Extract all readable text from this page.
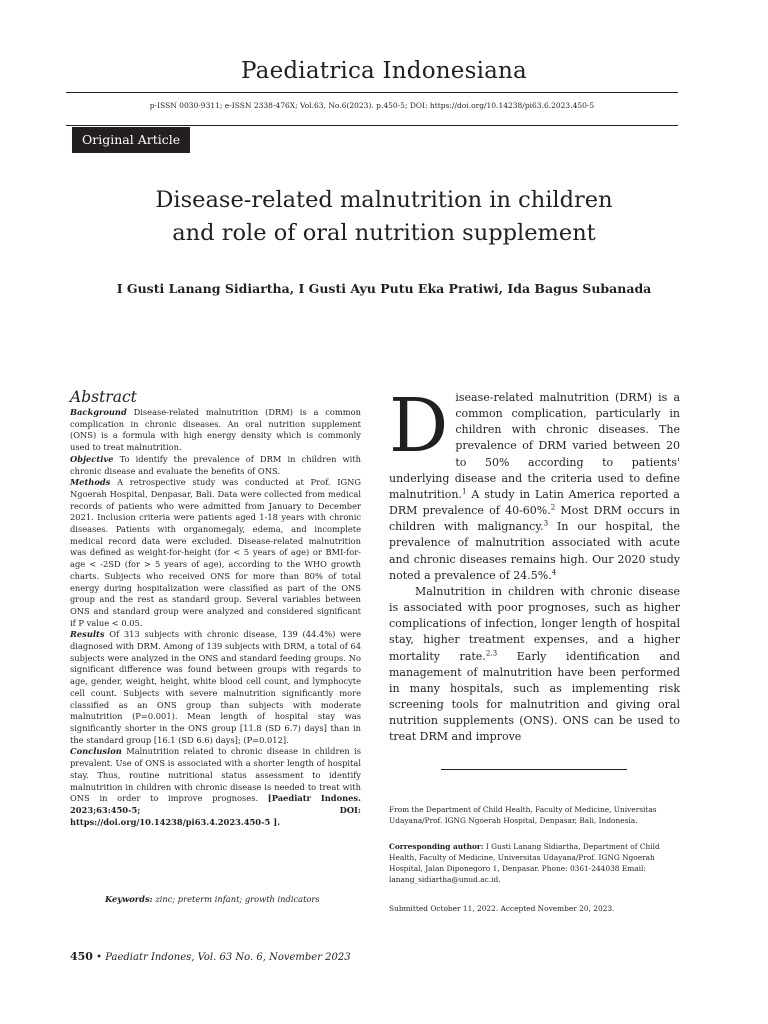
Paediatrica Indonesiana
p-ISSN 0030-9311; e-ISSN 2338-476X; Vol.63, No.6(2023). p.450-5; DOI: https://doi.org/10.14238/pi63.6.2023.450-5
Original Article
Disease-related malnutrition in children
and role of oral nutrition supplement
I Gusti Lanang Sidiartha, I Gusti Ayu Putu Eka Pratiwi, Ida Bagus Subanada
Abstract

Background Disease-related malnutrition (DRM) is a common complication in chronic diseases. An oral nutrition supplement (ONS) is a formula with high energy density which is commonly used to treat malnutrition.

Objective To identify the prevalence of DRM in children with chronic disease and evaluate the benefits of ONS.

Methods A retrospective study was conducted at Prof. IGNG Ngoerah Hospital, Denpasar, Bali. Data were collected from medical records of patients who were admitted from January to December 2021. Inclusion criteria were patients aged 1-18 years with chronic diseases. Patients with organomegaly, edema, and incomplete medical record data were excluded. Disease-related malnutrition was defined as weight-for-height (for < 5 years of age) or BMI-for-age < -2SD (for > 5 years of age), according to the WHO growth charts. Subjects who received ONS for more than 80% of total energy during hospitalization were classified as part of the ONS group and the rest as standard group. Several variables between ONS and standard group were analyzed and considered significant if P value < 0.05.

Results Of 313 subjects with chronic disease, 139 (44.4%) were diagnosed with DRM. Among of 139 subjects with DRM, a total of 64 subjects were analyzed in the ONS and standard feeding groups. No significant difference was found between groups with regards to age, gender, weight, height, white blood cell count, and lymphocyte cell count. Subjects with severe malnutrition significantly more classified as an ONS group than subjects with moderate malnutrition (P=0.001). Mean length of hospital stay was significantly shorter in the ONS group [11.8 (SD 6.7) days] than in the standard group [16.1 (SD 6.6) days]; (P=0.012].

Conclusion Malnutrition related to chronic disease in children is prevalent. Use of ONS is associated with a shorter length of hospital stay. Thus, routine nutritional status assessment to identify malnutrition in children with chronic disease is needed to treat with ONS in order to improve prognoses. [Paediatr Indones. 2023;63:450-5; DOI: https://doi.org/10.14238/pi63.4.2023.450-5 ].

Keywords: zinc; preterm infant; growth indicators

Disease-related malnutrition (DRM) is a common complication, particularly in children with chronic diseases. The prevalence of DRM varied between 20 to 50% according to patients' underlying disease and the criteria used to define malnutrition.$^1$ A study in Latin America reported a DRM prevalence of 40-60%.$^2$ Most DRM occurs in children with malignancy.$^3$ In our hospital, the prevalence of malnutrition associated with acute and chronic diseases remains high. Our 2020 study noted a prevalence of 24.5%.$^4$

Malnutrition in children with chronic disease is associated with poor prognoses, such as higher complications of infection, longer length of hospital stay, higher treatment expenses, and a higher mortality rate.$^{2,3}$ Early identification and management of malnutrition have been performed in many hospitals, such as implementing risk screening tools for malnutrition and giving oral nutrition supplements (ONS). ONS can be used to treat DRM and improve

From the Department of Child Health, Faculty of Medicine, Universitas Udayana/Prof. IGNG Ngoerah Hospital, Denpasar, Bali, Indonesia.
Corresponding author: I Gusti Lanang Sidiartha, Department of Child Health, Faculty of Medicine, Universitas Udayana/Prof. IGNG Ngoerah Hospital, Jalan Diponegoro 1, Denpasar. Phone: 0361-244038 Email: lanang_sidiartha@unud.ac.id.
Submitted October 11, 2022. Accepted November 20, 2023.
450 • Paediatr Indones, Vol. 63 No. 6, November 2023
